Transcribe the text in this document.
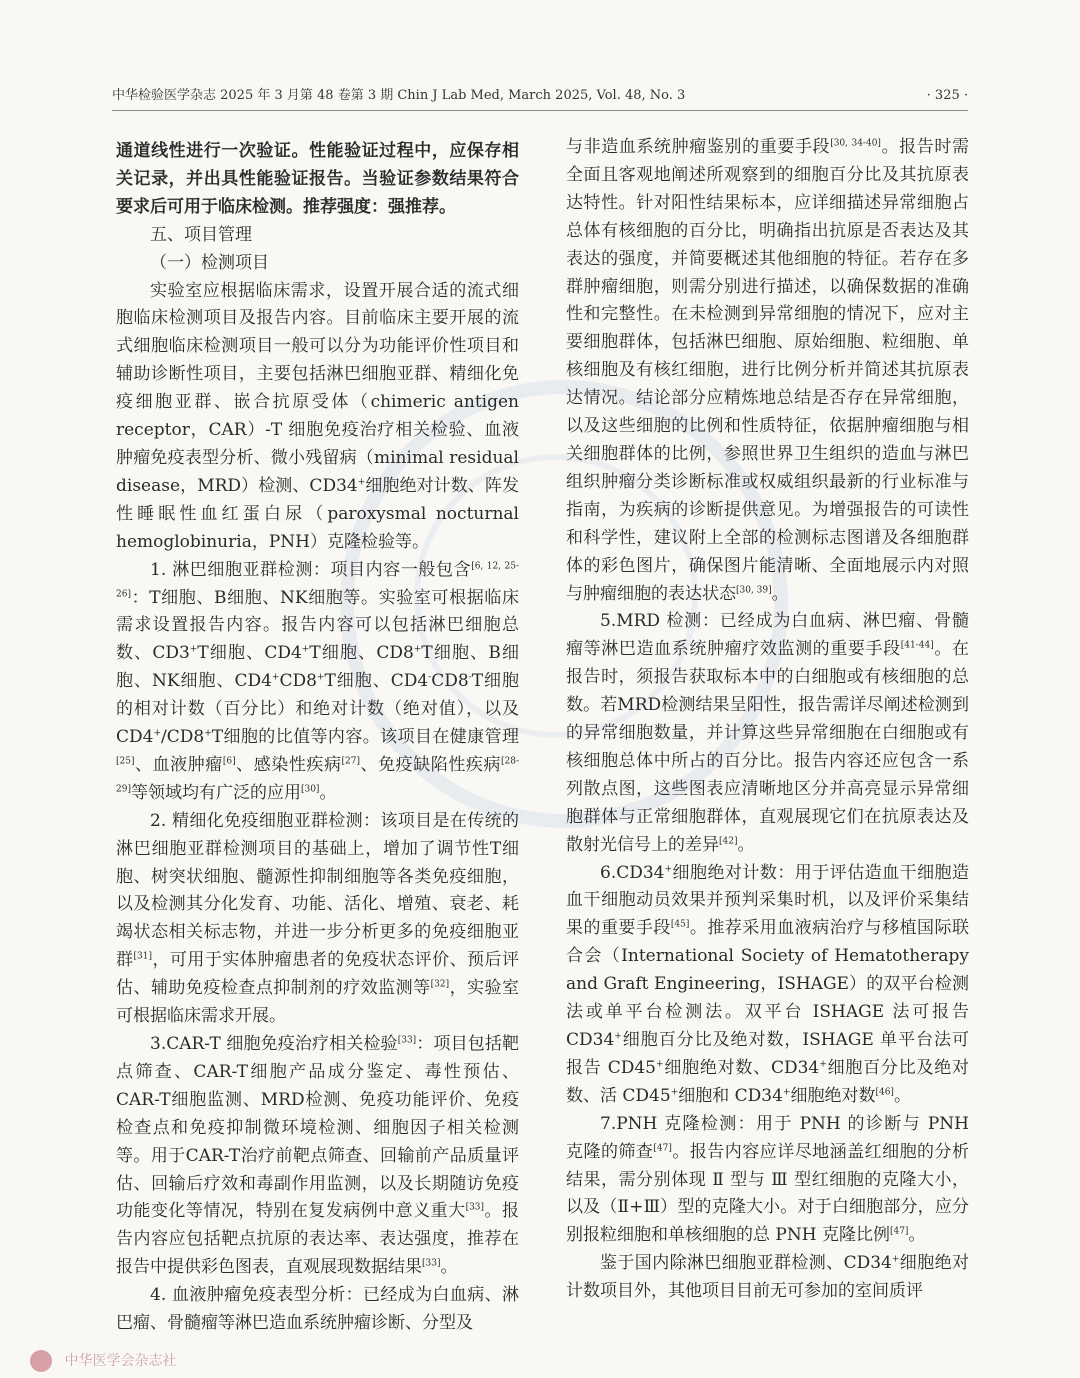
中华检验医学杂志 2025 年 3 月第 48 卷第 3 期 Chin J Lab Med, March 2025, Vol. 48, No. 3	· 325 ·

通道线性进行一次验证。性能验证过程中，应保存相关记录，并出具性能验证报告。当验证参数结果符合要求后可用于临床检测。推荐强度：强推荐。

五、项目管理

（一）检测项目

实验室应根据临床需求，设置开展合适的流式细胞临床检测项目及报告内容。目前临床主要开展的流式细胞临床检测项目一般可以分为功能评价性项目和辅助诊断性项目，主要包括淋巴细胞亚群、精细化免疫细胞亚群、嵌合抗原受体（chimeric antigen receptor，CAR）-T 细胞免疫治疗相关检验、血液肿瘤免疫表型分析、微小残留病（minimal residual disease，MRD）检测、CD34+细胞绝对计数、阵发性睡眠性血红蛋白尿（paroxysmal nocturnal hemoglobinuria，PNH）克隆检验等。

1. 淋巴细胞亚群检测：项目内容一般包含[6, 12, 25-26]：T细胞、B细胞、NK细胞等。实验室可根据临床需求设置报告内容。报告内容可以包括淋巴细胞总数、CD3+T细胞、CD4+T细胞、CD8+T细胞、B细胞、NK细胞、CD4+CD8+T细胞、CD4-CD8-T细胞的相对计数（百分比）和绝对计数（绝对值），以及CD4+/CD8+T细胞的比值等内容。该项目在健康管理[25]、血液肿瘤[6]、感染性疾病[27]、免疫缺陷性疾病[28-29]等领域均有广泛的应用[30]。

2. 精细化免疫细胞亚群检测：该项目是在传统的淋巴细胞亚群检测项目的基础上，增加了调节性T细胞、树突状细胞、髓源性抑制细胞等各类免疫细胞，以及检测其分化发育、功能、活化、增殖、衰老、耗竭状态相关标志物，并进一步分析更多的免疫细胞亚群[31]，可用于实体肿瘤患者的免疫状态评价、预后评估、辅助免疫检查点抑制剂的疗效监测等[32]，实验室可根据临床需求开展。

3.CAR-T 细胞免疫治疗相关检验[33]：项目包括靶点筛查、CAR-T细胞产品成分鉴定、毒性预估、CAR-T细胞监测、MRD检测、免疫功能评价、免疫检查点和免疫抑制微环境检测、细胞因子相关检测等。用于CAR-T治疗前靶点筛查、回输前产品质量评估、回输后疗效和毒副作用监测，以及长期随访免疫功能变化等情况，特别在复发病例中意义重大[33]。报告内容应包括靶点抗原的表达率、表达强度，推荐在报告中提供彩色图表，直观展现数据结果[33]。

4. 血液肿瘤免疫表型分析：已经成为白血病、淋巴瘤、骨髓瘤等淋巴造血系统肿瘤诊断、分型及

与非造血系统肿瘤鉴别的重要手段[30, 34-40]。报告时需全面且客观地阐述所观察到的细胞百分比及其抗原表达特性。针对阳性结果标本，应详细描述异常细胞占总体有核细胞的百分比，明确指出抗原是否表达及其表达的强度，并简要概述其他细胞的特征。若存在多群肿瘤细胞，则需分别进行描述，以确保数据的准确性和完整性。在未检测到异常细胞的情况下，应对主要细胞群体，包括淋巴细胞、原始细胞、粒细胞、单核细胞及有核红细胞，进行比例分析并简述其抗原表达情况。结论部分应精炼地总结是否存在异常细胞，以及这些细胞的比例和性质特征，依据肿瘤细胞与相关细胞群体的比例，参照世界卫生组织的造血与淋巴组织肿瘤分类诊断标准或权威组织最新的行业标准与指南，为疾病的诊断提供意见。为增强报告的可读性和科学性，建议附上全部的检测标志图谱及各细胞群体的彩色图片，确保图片能清晰、全面地展示内对照与肿瘤细胞的表达状态[30, 39]。

5.MRD 检测：已经成为白血病、淋巴瘤、骨髓瘤等淋巴造血系统肿瘤疗效监测的重要手段[41-44]。在报告时，须报告获取标本中的白细胞或有核细胞的总数。若MRD检测结果呈阳性，报告需详尽阐述检测到的异常细胞数量，并计算这些异常细胞在白细胞或有核细胞总体中所占的百分比。报告内容还应包含一系列散点图，这些图表应清晰地区分并高亮显示异常细胞群体与正常细胞群体，直观展现它们在抗原表达及散射光信号上的差异[42]。

6.CD34+细胞绝对计数：用于评估造血干细胞造血干细胞动员效果并预判采集时机，以及评价采集结果的重要手段[45]。推荐采用血液病治疗与移植国际联合会（International Society of Hematotherapy and Graft Engineering，ISHAGE）的双平台检测法或单平台检测法。双平台 ISHAGE 法可报告 CD34+细胞百分比及绝对数，ISHAGE 单平台法可报告 CD45+细胞绝对数、CD34+细胞百分比及绝对数、活 CD45+细胞和 CD34+细胞绝对数[46]。

7.PNH 克隆检测：用于 PNH 的诊断与 PNH 克隆的筛查[47]。报告内容应详尽地涵盖红细胞的分析结果，需分别体现 Ⅱ 型与 Ⅲ 型红细胞的克隆大小，以及（Ⅱ+Ⅲ）型的克隆大小。对于白细胞部分，应分别报粒细胞和单核细胞的总 PNH 克隆比例[47]。

鉴于国内除淋巴细胞亚群检测、CD34+细胞绝对计数项目外，其他项目目前无可参加的室间质评

中华医学会杂志社
